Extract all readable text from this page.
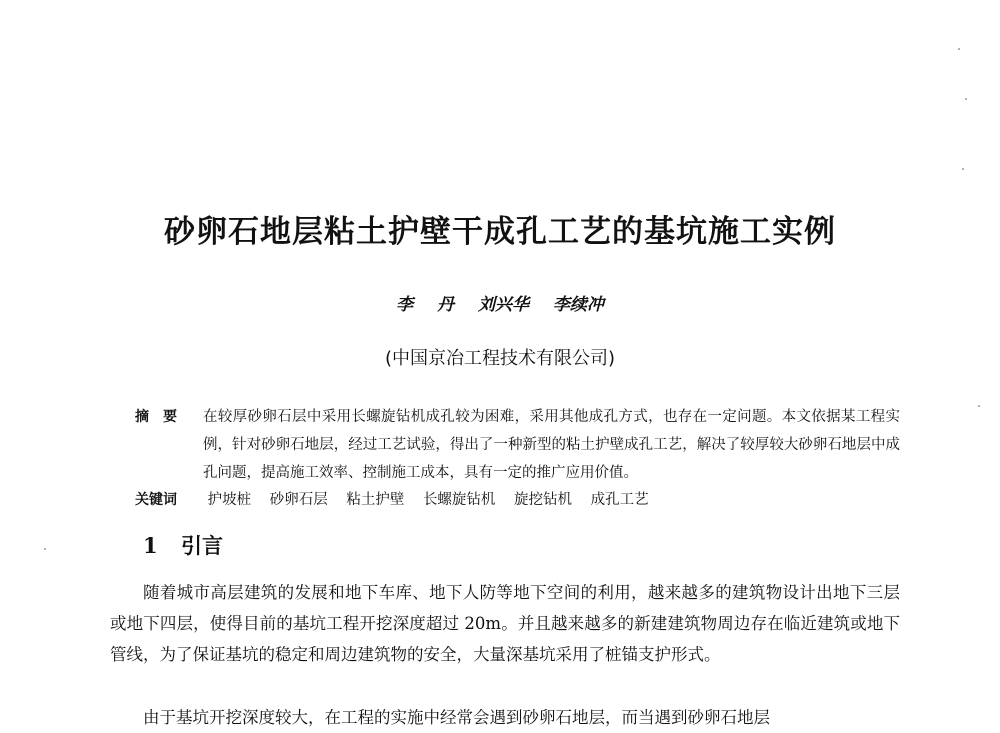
砂卵石地层粘土护壁干成孔工艺的基坑施工实例

李 丹 刘兴华 李续冲

(中国京冶工程技术有限公司)

摘要 在较厚砂卵石层中采用长螺旋钻机成孔较为困难，采用其他成孔方式，也存在一定问题。本文依据某工程实例，针对砂卵石地层，经过工艺试验，得出了一种新型的粘土护壁成孔工艺，解决了较厚较大砂卵石地层中成孔问题，提高施工效率、控制施工成本，具有一定的推广应用价值。
关键词 护坡桩 砂卵石层 粘土护壁 长螺旋钻机 旋挖钻机 成孔工艺
1 引言

随着城市高层建筑的发展和地下车库、地下人防等地下空间的利用，越来越多的建筑物设计出地下三层或地下四层，使得目前的基坑工程开挖深度超过 20m。并且越来越多的新建建筑物周边存在临近建筑或地下管线，为了保证基坑的稳定和周边建筑物的安全，大量深基坑采用了桩锚支护形式。

由于基坑开挖深度较大，在工程的实施中经常会遇到砂卵石地层，而当遇到砂卵石地层
